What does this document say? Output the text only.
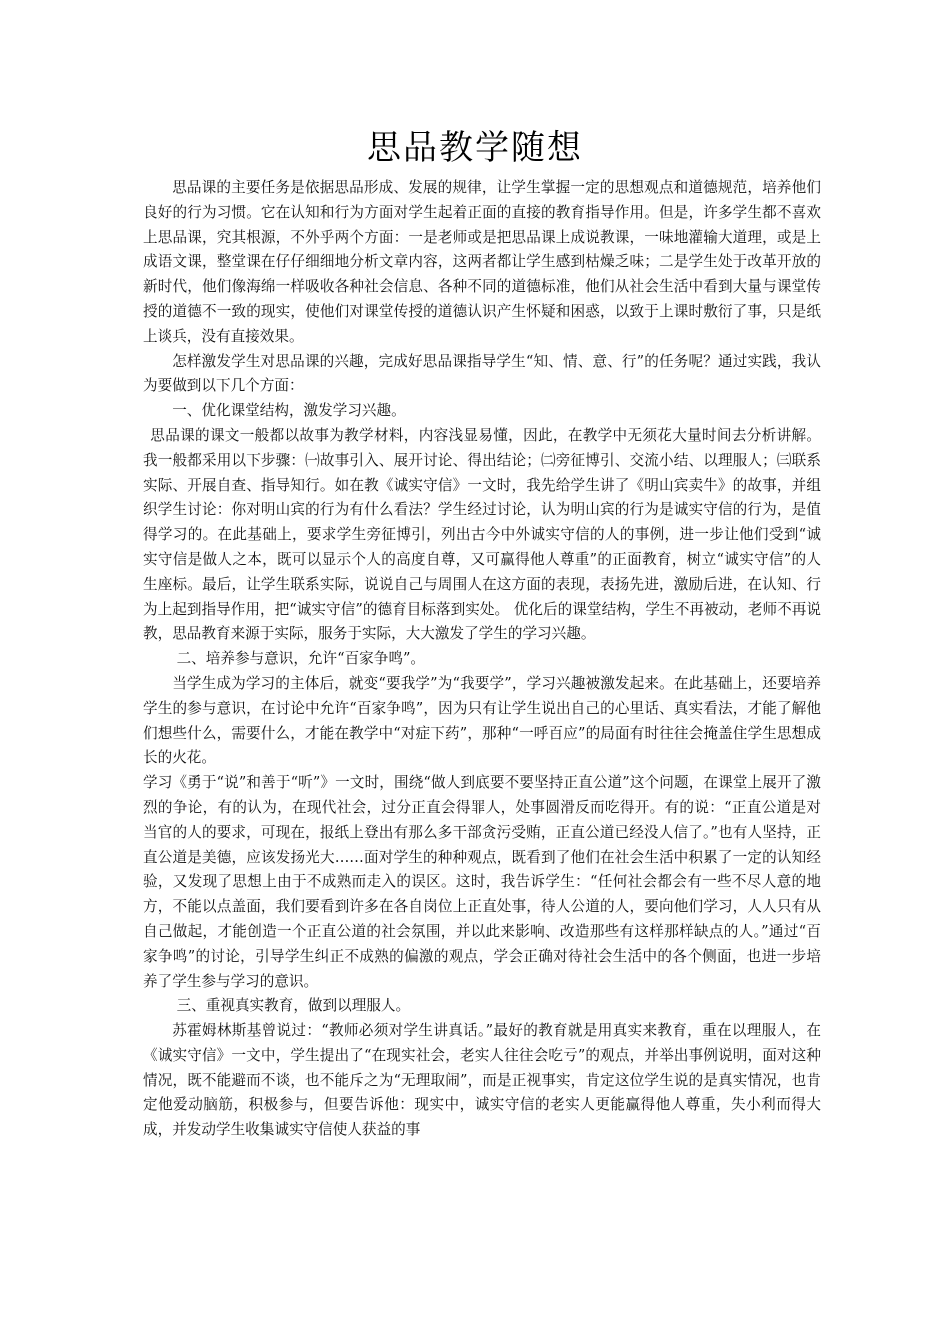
思品教学随想

思品课的主要任务是依据思品形成、发展的规律，让学生掌握一定的思想观点和道德规范，培养他们良好的行为习惯。它在认知和行为方面对学生起着正面的直接的教育指导作用。但是，许多学生都不喜欢上思品课，究其根源，不外乎两个方面：一是老师或是把思品课上成说教课，一味地灌输大道理，或是上成语文课，整堂课在仔仔细细地分析文章内容，这两者都让学生感到枯燥乏味；二是学生处于改革开放的新时代，他们像海绵一样吸收各种社会信息、各种不同的道德标准，他们从社会生活中看到大量与课堂传授的道德不一致的现实，使他们对课堂传授的道德认识产生怀疑和困惑，以致于上课时敷衍了事，只是纸上谈兵，没有直接效果。

怎样激发学生对思品课的兴趣，完成好思品课指导学生“知、情、意、行”的任务呢？通过实践，我认为要做到以下几个方面：

一、优化课堂结构，激发学习兴趣。

思品课的课文一般都以故事为教学材料，内容浅显易懂，因此，在教学中无须花大量时间去分析讲解。我一般都采用以下步骤：㈠故事引入、展开讨论、得出结论；㈡旁征博引、交流小结、以理服人；㈢联系实际、开展自查、指导知行。如在教《诚实守信》一文时，我先给学生讲了《明山宾卖牛》的故事，并组织学生讨论：你对明山宾的行为有什么看法？学生经过讨论，认为明山宾的行为是诚实守信的行为，是值得学习的。在此基础上，要求学生旁征博引，列出古今中外诚实守信的人的事例，进一步让他们受到“诚实守信是做人之本，既可以显示个人的高度自尊，又可赢得他人尊重”的正面教育，树立“诚实守信”的人生座标。最后，让学生联系实际，说说自己与周围人在这方面的表现，表扬先进，激励后进，在认知、行为上起到指导作用，把“诚实守信”的德育目标落到实处。 优化后的课堂结构，学生不再被动，老师不再说教，思品教育来源于实际，服务于实际，大大激发了学生的学习兴趣。

二、培养参与意识，允许“百家争鸣”。

当学生成为学习的主体后，就变“要我学”为“我要学”，学习兴趣被激发起来。在此基础上，还要培养学生的参与意识，在讨论中允许“百家争鸣”，因为只有让学生说出自己的心里话、真实看法，才能了解他们想些什么，需要什么，才能在教学中“对症下药”，那种“一呼百应”的局面有时往往会掩盖住学生思想成长的火花。

学习《勇于“说”和善于“听”》一文时，围绕“做人到底要不要坚持正直公道”这个问题，在课堂上展开了激烈的争论，有的认为，在现代社会，过分正直会得罪人，处事圆滑反而吃得开。有的说：“正直公道是对当官的人的要求，可现在，报纸上登出有那么多干部贪污受贿，正直公道已经没人信了。”也有人坚持，正直公道是美德，应该发扬光大……面对学生的种种观点，既看到了他们在社会生活中积累了一定的认知经验，又发现了思想上由于不成熟而走入的误区。这时，我告诉学生：“任何社会都会有一些不尽人意的地方，不能以点盖面，我们要看到许多在各自岗位上正直处事，待人公道的人，要向他们学习，人人只有从自己做起，才能创造一个正直公道的社会氛围，并以此来影响、改造那些有这样那样缺点的人。”通过“百家争鸣”的讨论，引导学生纠正不成熟的偏激的观点，学会正确对待社会生活中的各个侧面，也进一步培养了学生参与学习的意识。

三、重视真实教育，做到以理服人。

苏霍姆林斯基曾说过：“教师必须对学生讲真话。”最好的教育就是用真实来教育，重在以理服人，在《诚实守信》一文中，学生提出了“在现实社会，老实人往往会吃亏”的观点，并举出事例说明，面对这种情况，既不能避而不谈，也不能斥之为“无理取闹”，而是正视事实，肯定这位学生说的是真实情况，也肯定他爱动脑筋，积极参与，但要告诉他：现实中，诚实守信的老实人更能赢得他人尊重，失小利而得大成，并发动学生收集诚实守信使人获益的事
